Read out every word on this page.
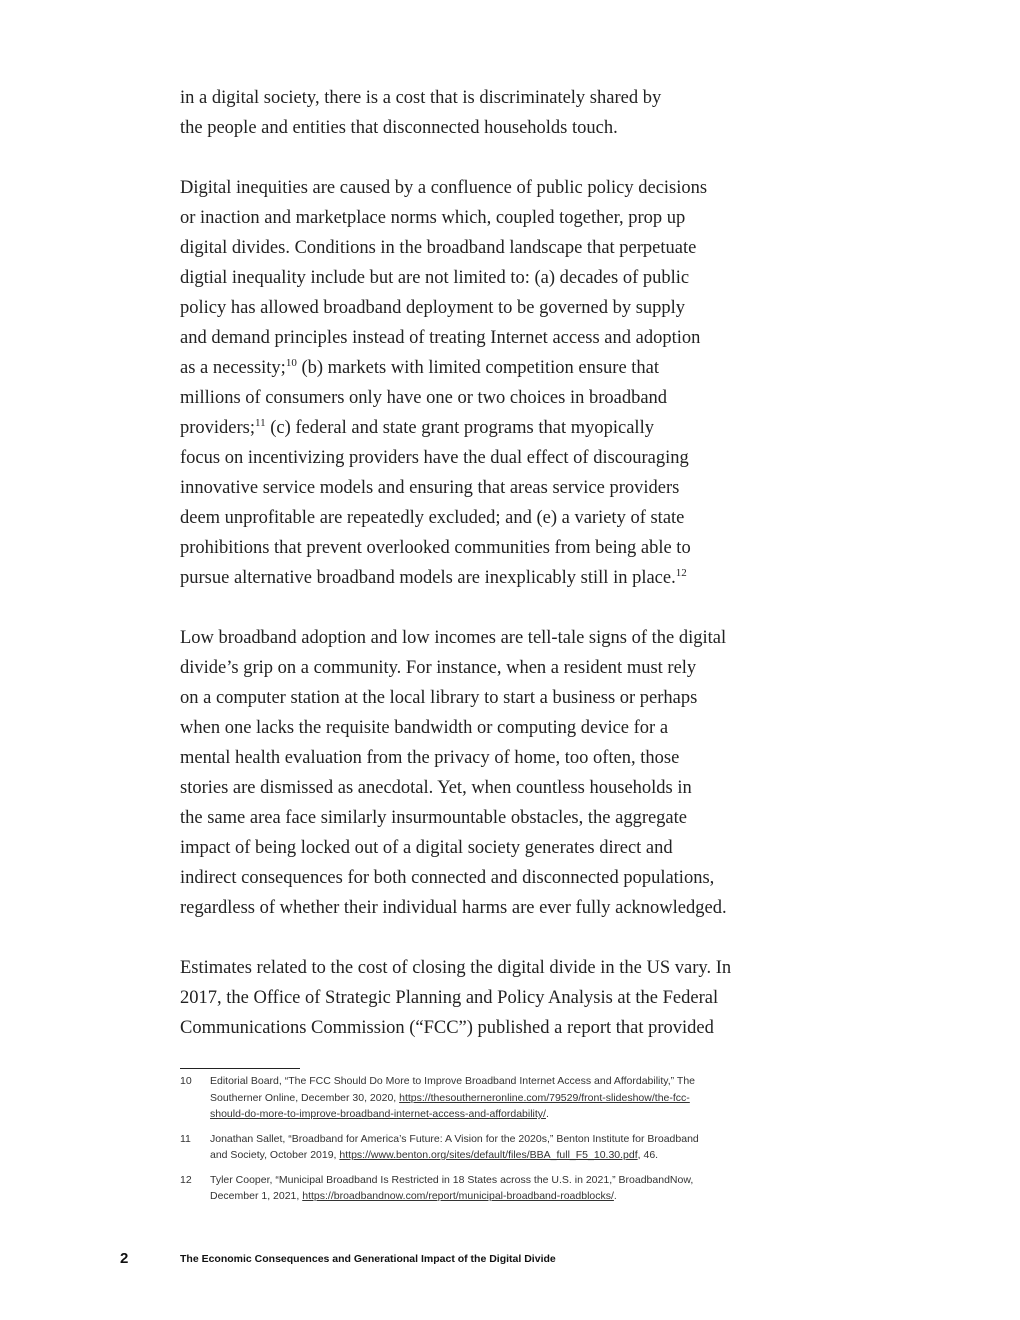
in a digital society, there is a cost that is discriminately shared by
the people and entities that disconnected households touch.

Digital inequities are caused by a confluence of public policy decisions
or inaction and marketplace norms which, coupled together, prop up
digital divides. Conditions in the broadband landscape that perpetuate
digtial inequality include but are not limited to: (a) decades of public
policy has allowed broadband deployment to be governed by supply
and demand principles instead of treating Internet access and adoption
as a necessity;$^{10}$ (b) markets with limited competition ensure that
millions of consumers only have one or two choices in broadband
providers;$^{11}$ (c) federal and state grant programs that myopically
focus on incentivizing providers have the dual effect of discouraging
innovative service models and ensuring that areas service providers
deem unprofitable are repeatedly excluded; and (e) a variety of state
prohibitions that prevent overlooked communities from being able to
pursue alternative broadband models are inexplicably still in place.$^{12}$

Low broadband adoption and low incomes are tell-tale signs of the digital
divide’s grip on a community. For instance, when a resident must rely
on a computer station at the local library to start a business or perhaps
when one lacks the requisite bandwidth or computing device for a
mental health evaluation from the privacy of home, too often, those
stories are dismissed as anecdotal. Yet, when countless households in
the same area face similarly insurmountable obstacles, the aggregate
impact of being locked out of a digital society generates direct and
indirect consequences for both connected and disconnected populations,
regardless of whether their individual harms are ever fully acknowledged.

Estimates related to the cost of closing the digital divide in the US vary. In
2017, the Office of Strategic Planning and Policy Analysis at the Federal
Communications Commission (“FCC”) published a report that provided

10	Editorial Board, “The FCC Should Do More to Improve Broadband Internet Access and Affordability,” The
Southerner Online, December 30, 2020, https://thesoutherneronline.com/79529/front-slideshow/the-fcc-
should-do-more-to-improve-broadband-internet-access-and-affordability/.
11	Jonathan Sallet, “Broadband for America’s Future: A Vision for the 2020s,” Benton Institute for Broadband
and Society, October 2019, https://www.benton.org/sites/default/files/BBA_full_F5_10.30.pdf, 46.
12	Tyler Cooper, “Municipal Broadband Is Restricted in 18 States across the U.S. in 2021,” BroadbandNow,
December 1, 2021, https://broadbandnow.com/report/municipal-broadband-roadblocks/.
2	The Economic Consequences and Generational Impact of the Digital Divide
